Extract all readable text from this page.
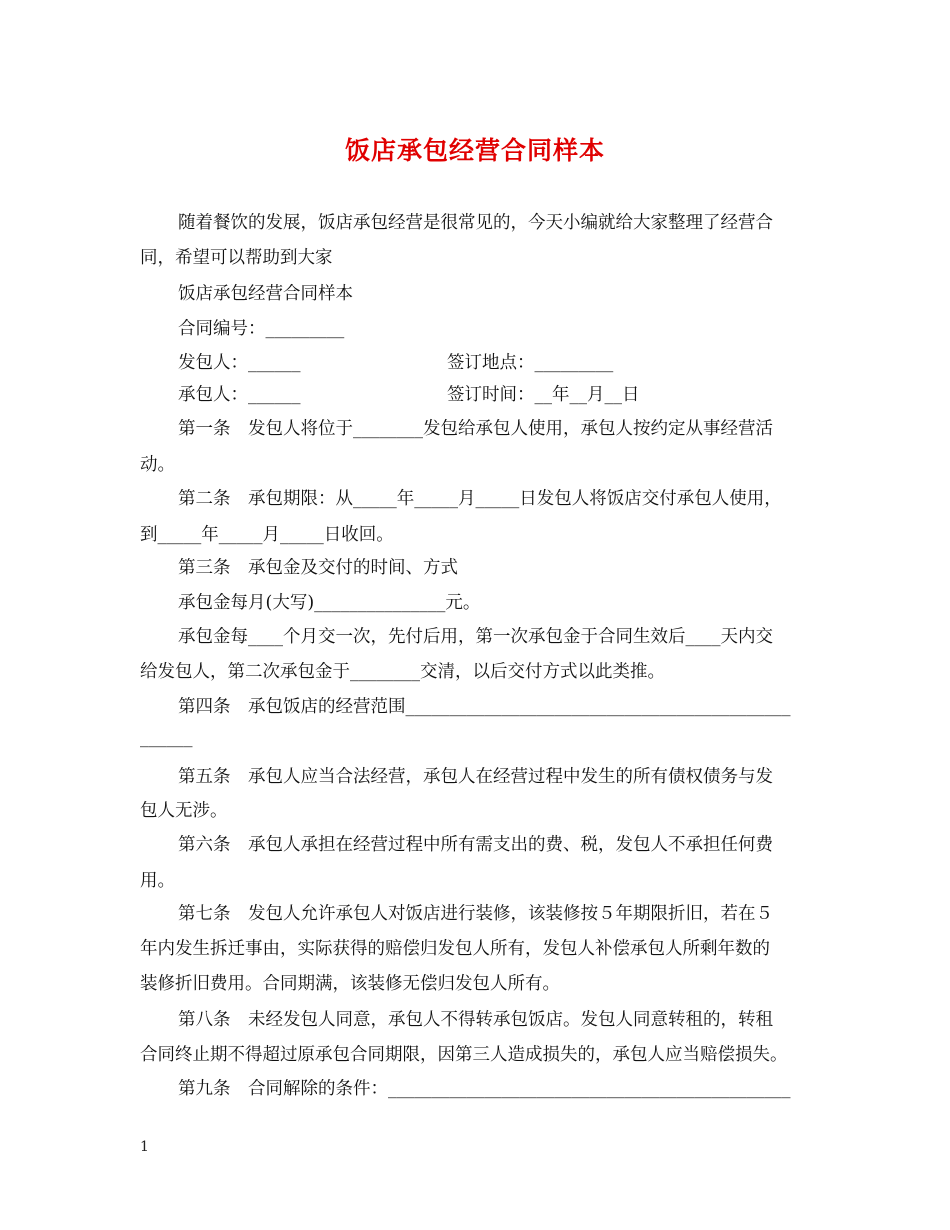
饭店承包经营合同样本
随着餐饮的发展，饭店承包经营是很常见的，今天小编就给大家整理了经营合
同，希望可以帮助到大家
饭店承包经营合同样本
合同编号：_________
发包人：______	签订地点：_________
承包人：______	签订时间：__年__月__日
第一条　发包人将位于________发包给承包人使用，承包人按约定从事经营活
动。
第二条　承包期限：从_____年_____月_____日发包人将饭店交付承包人使用，
到_____年_____月_____日收回。
第三条　承包金及交付的时间、方式
承包金每月(大写)_______________元。
承包金每____个月交一次，先付后用，第一次承包金于合同生效后____天内交
给发包人，第二次承包金于________交清，以后交付方式以此类推。
第四条　承包饭店的经营范围____________________________________________
______
第五条　承包人应当合法经营，承包人在经营过程中发生的所有债权债务与发
包人无涉。
第六条　承包人承担在经营过程中所有需支出的费、税，发包人不承担任何费
用。
第七条　发包人允许承包人对饭店进行装修，该装修按５年期限折旧，若在５
年内发生拆迁事由，实际获得的赔偿归发包人所有，发包人补偿承包人所剩年数的
装修折旧费用。合同期满，该装修无偿归发包人所有。
第八条　未经发包人同意，承包人不得转承包饭店。发包人同意转租的，转租
合同终止期不得超过原承包合同期限，因第三人造成损失的，承包人应当赔偿损失。
第九条　合同解除的条件：______________________________________________
1
